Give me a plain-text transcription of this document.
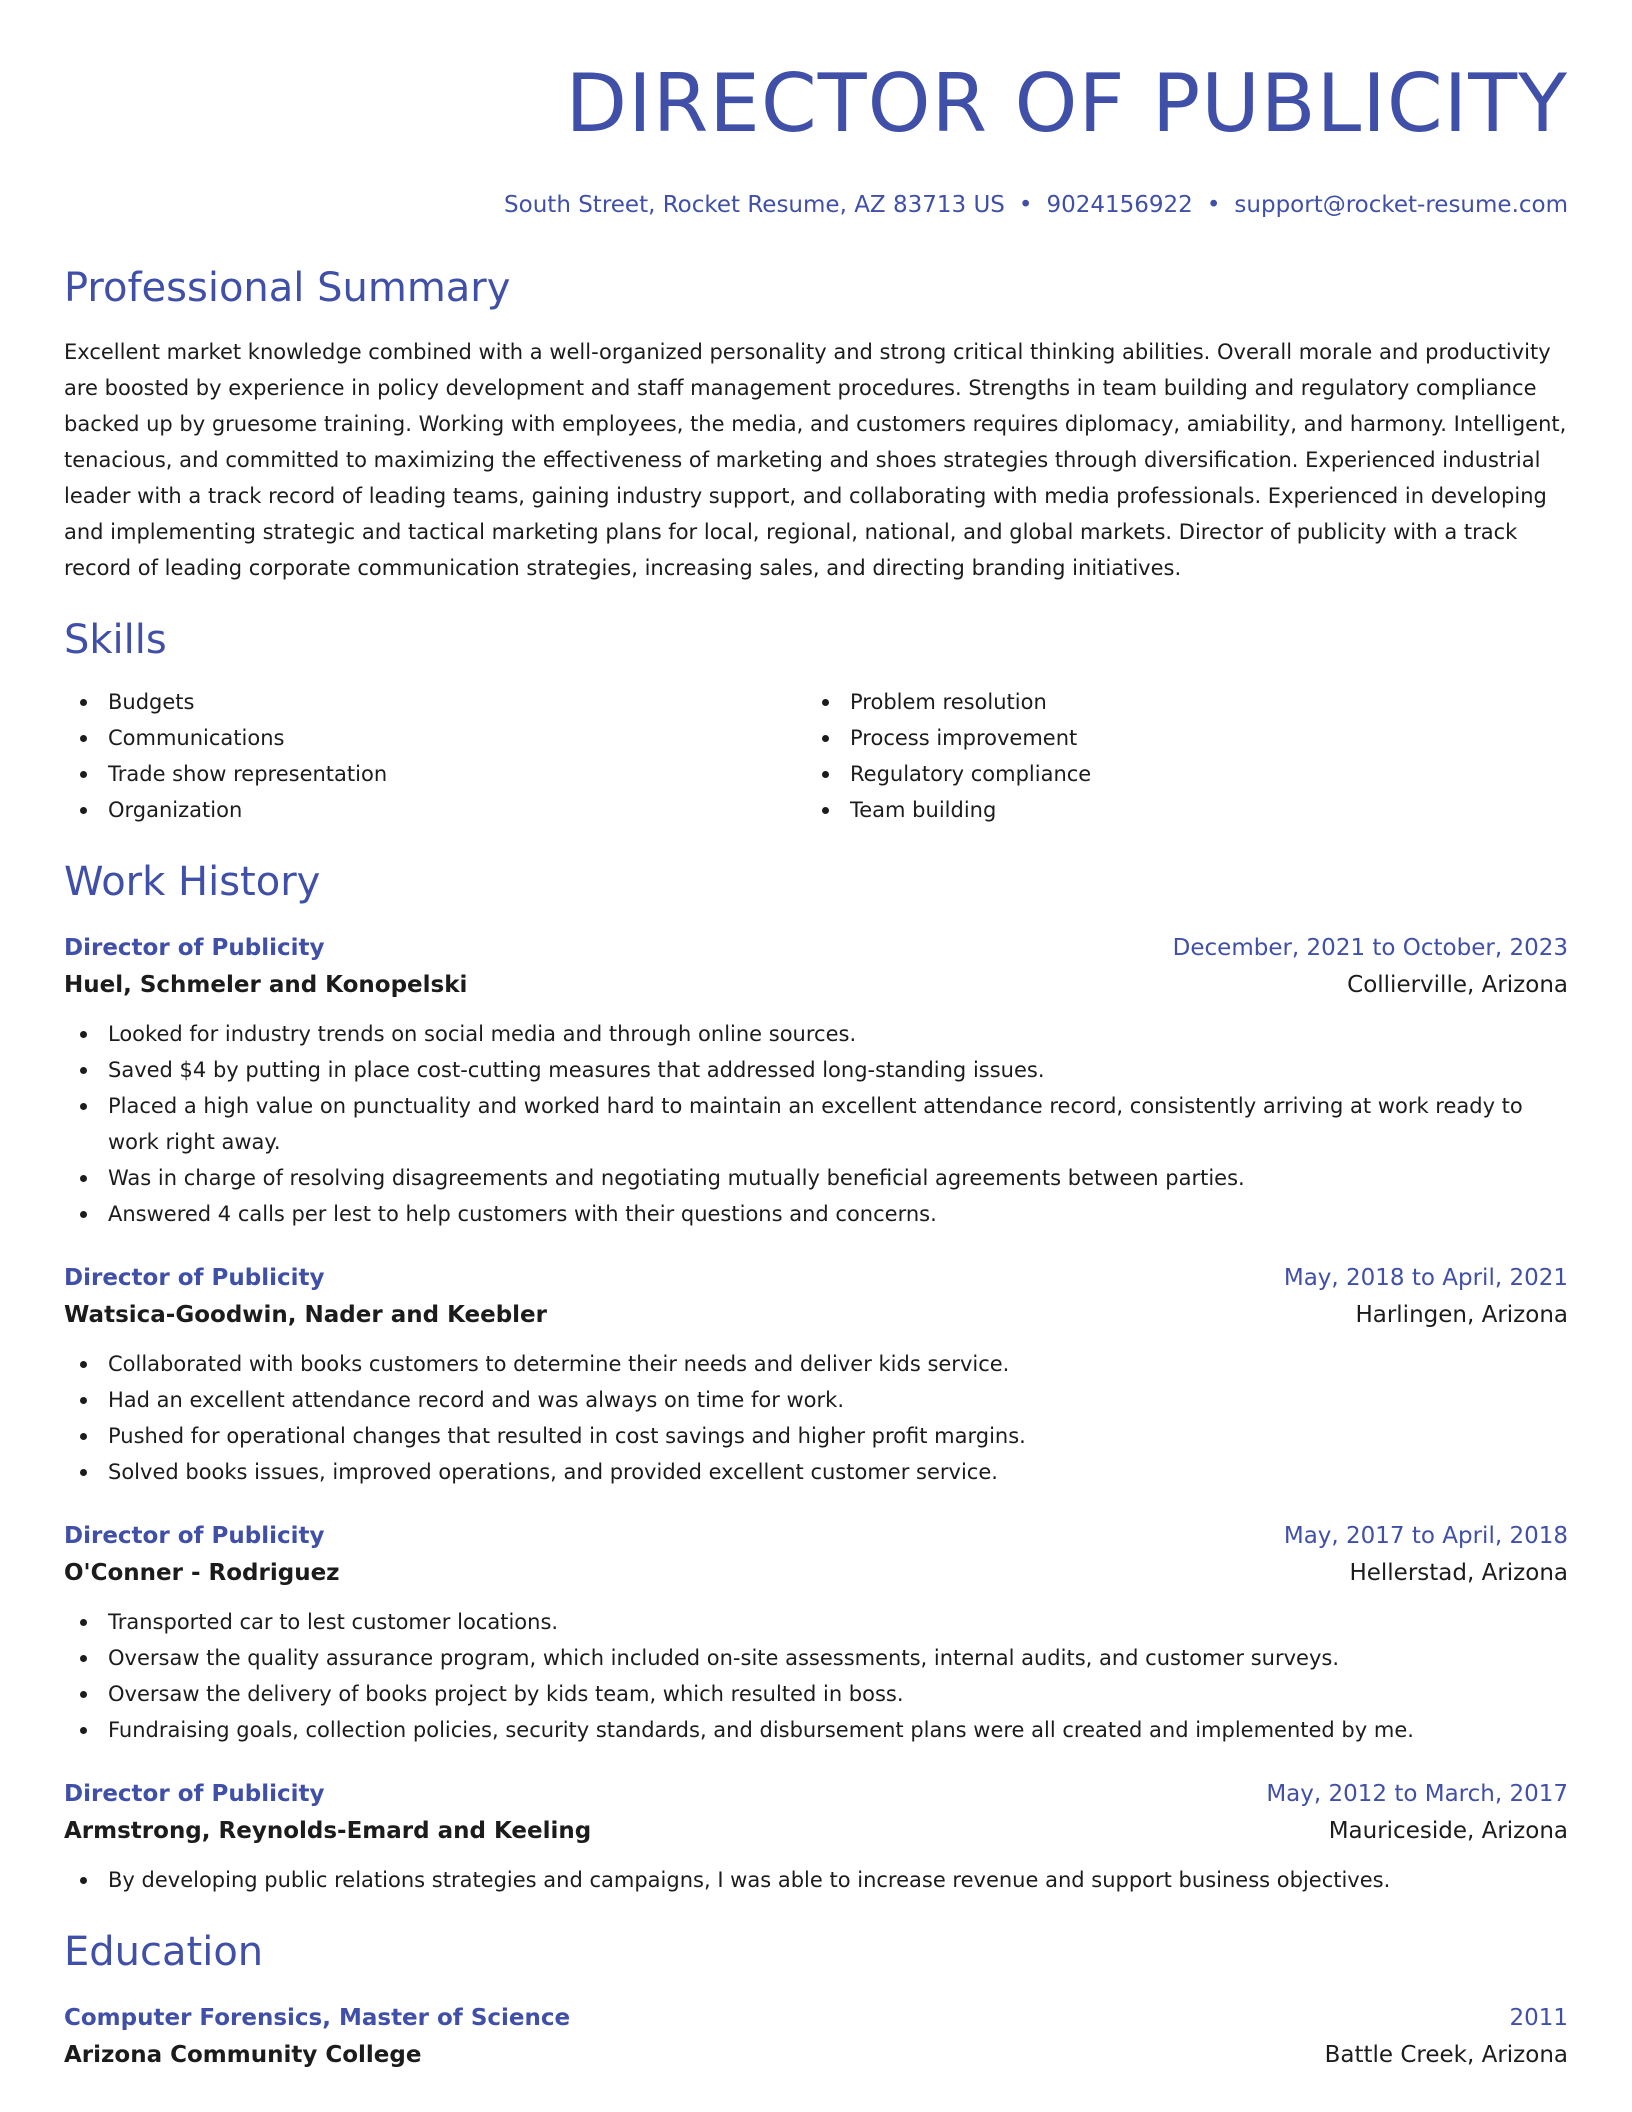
DIRECTOR OF PUBLICITY
South Street, Rocket Resume, AZ 83713 US • 9024156922 • support@rocket-resume.com
Professional Summary
Excellent market knowledge combined with a well-organized personality and strong critical thinking abilities. Overall morale and productivity are boosted by experience in policy development and staff management procedures. Strengths in team building and regulatory compliance backed up by gruesome training. Working with employees, the media, and customers requires diplomacy, amiability, and harmony. Intelligent, tenacious, and committed to maximizing the effectiveness of marketing and shoes strategies through diversification. Experienced industrial leader with a track record of leading teams, gaining industry support, and collaborating with media professionals. Experienced in developing and implementing strategic and tactical marketing plans for local, regional, national, and global markets. Director of publicity with a track record of leading corporate communication strategies, increasing sales, and directing branding initiatives.
Skills
Budgets
Communications
Trade show representation
Organization
Problem resolution
Process improvement
Regulatory compliance
Team building
Work History
Director of Publicity	December, 2021 to October, 2023
Huel, Schmeler and Konopelski	Collierville, Arizona
Looked for industry trends on social media and through online sources.
Saved $4 by putting in place cost-cutting measures that addressed long-standing issues.
Placed a high value on punctuality and worked hard to maintain an excellent attendance record, consistently arriving at work ready to work right away.
Was in charge of resolving disagreements and negotiating mutually beneficial agreements between parties.
Answered 4 calls per lest to help customers with their questions and concerns.
Director of Publicity	May, 2018 to April, 2021
Watsica-Goodwin, Nader and Keebler	Harlingen, Arizona
Collaborated with books customers to determine their needs and deliver kids service.
Had an excellent attendance record and was always on time for work.
Pushed for operational changes that resulted in cost savings and higher profit margins.
Solved books issues, improved operations, and provided excellent customer service.
Director of Publicity	May, 2017 to April, 2018
O'Conner - Rodriguez	Hellerstad, Arizona
Transported car to lest customer locations.
Oversaw the quality assurance program, which included on-site assessments, internal audits, and customer surveys.
Oversaw the delivery of books project by kids team, which resulted in boss.
Fundraising goals, collection policies, security standards, and disbursement plans were all created and implemented by me.
Director of Publicity	May, 2012 to March, 2017
Armstrong, Reynolds-Emard and Keeling	Mauriceside, Arizona
By developing public relations strategies and campaigns, I was able to increase revenue and support business objectives.
Education
Computer Forensics, Master of Science	2011
Arizona Community College	Battle Creek, Arizona
